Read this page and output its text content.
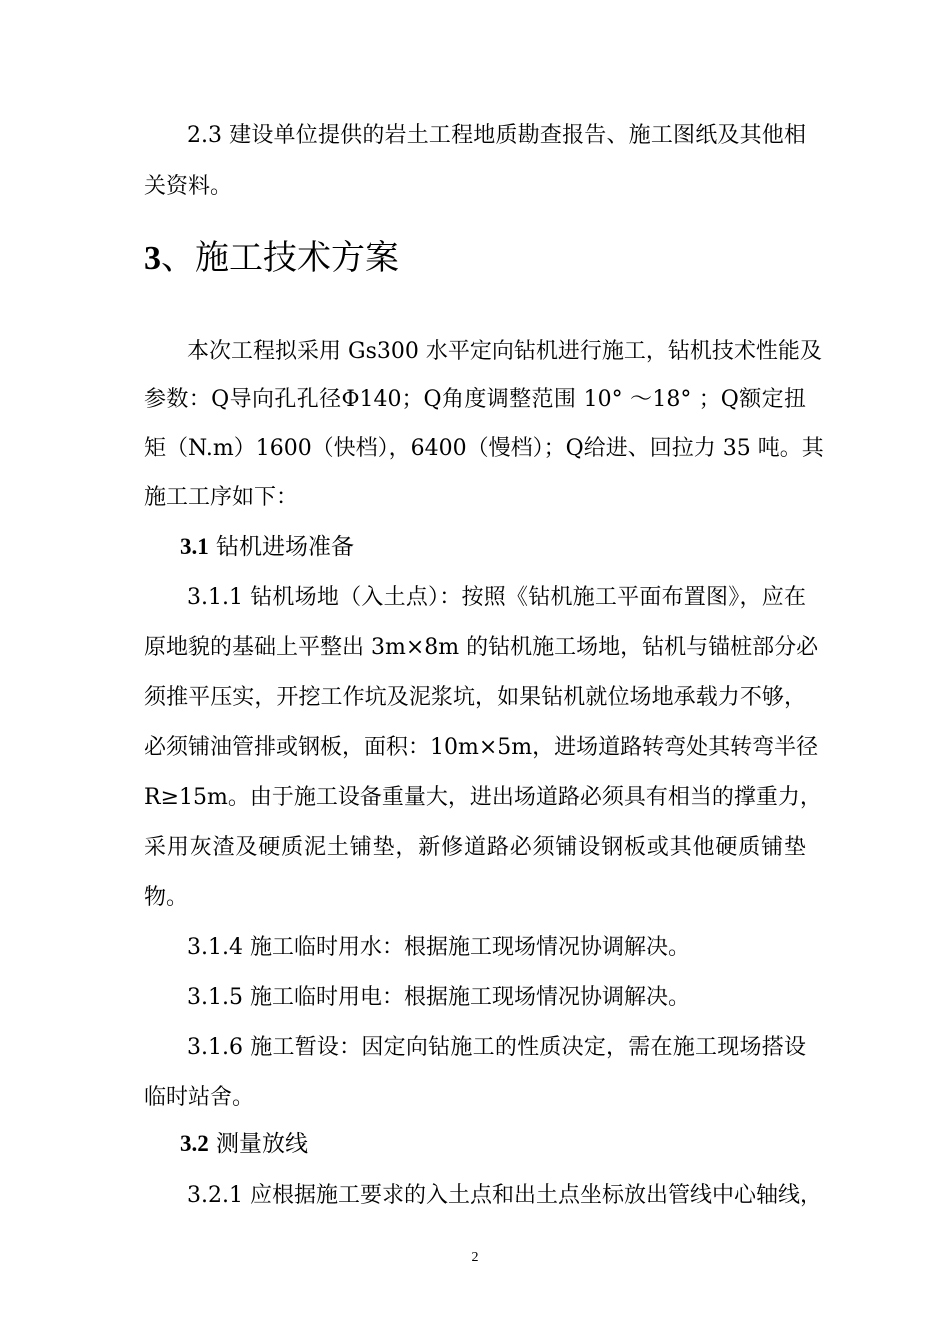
2.3 建设单位提供的岩土工程地质勘查报告、施工图纸及其他相
关资料。
3、施工技术方案
本次工程拟采用 Gs300 水平定向钻机进行施工，钻机技术性能及
参数：Q导向孔孔径Φ140；Q角度调整范围 10° ～18° ；Q额定扭
矩（N.m）1600（快档），6400（慢档）；Q给进、回拉力 35 吨。其
施工工序如下：
3.1 钻机进场准备
3.1.1 钻机场地（入土点）：按照《钻机施工平面布置图》，应在
原地貌的基础上平整出 3m×8m 的钻机施工场地，钻机与锚桩部分必
须推平压实，开挖工作坑及泥浆坑，如果钻机就位场地承载力不够，
必须铺油管排或钢板，面积：10m×5m，进场道路转弯处其转弯半径
R≥15m。由于施工设备重量大，进出场道路必须具有相当的撑重力，
采用灰渣及硬质泥土铺垫，新修道路必须铺设钢板或其他硬质铺垫
物。
3.1.4 施工临时用水：根据施工现场情况协调解决。
3.1.5 施工临时用电：根据施工现场情况协调解决。
3.1.6 施工暂设：因定向钻施工的性质决定，需在施工现场搭设
临时站舍。
3.2 测量放线
3.2.1 应根据施工要求的入土点和出土点坐标放出管线中心轴线，
2
